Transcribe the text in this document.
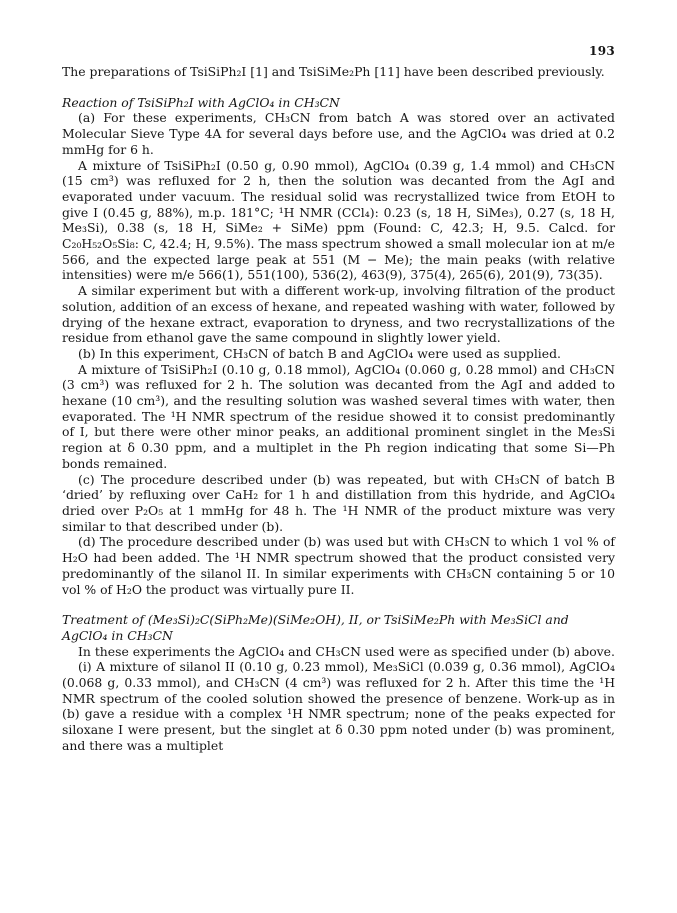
193

The preparations of TsiSiPh₂I [1] and TsiSiMe₂Ph [11] have been described previously.

Reaction of TsiSiPh₂I with AgClO₄ in CH₃CN

(a) For these experiments, CH₃CN from batch A was stored over an activated Molecular Sieve Type 4A for several days before use, and the AgClO₄ was dried at 0.2 mmHg for 6 h.

A mixture of TsiSiPh₂I (0.50 g, 0.90 mmol), AgClO₄ (0.39 g, 1.4 mmol) and CH₃CN (15 cm³) was refluxed for 2 h, then the solution was decanted from the AgI and evaporated under vacuum. The residual solid was recrystallized twice from EtOH to give I (0.45 g, 88%), m.p. 181°C; ¹H NMR (CCl₄): 0.23 (s, 18 H, SiMe₃), 0.27 (s, 18 H, Me₃Si), 0.38 (s, 18 H, SiMe₂ + SiMe) ppm (Found: C, 42.3; H, 9.5. Calcd. for C₂₀H₅₂O₅Si₈: C, 42.4; H, 9.5%). The mass spectrum showed a small molecular ion at m/e 566, and the expected large peak at 551 (M − Me); the main peaks (with relative intensities) were m/e 566(1), 551(100), 536(2), 463(9), 375(4), 265(6), 201(9), 73(35).

A similar experiment but with a different work-up, involving filtration of the product solution, addition of an excess of hexane, and repeated washing with water, followed by drying of the hexane extract, evaporation to dryness, and two recrystallizations of the residue from ethanol gave the same compound in slightly lower yield.

(b) In this experiment, CH₃CN of batch B and AgClO₄ were used as supplied.

A mixture of TsiSiPh₂I (0.10 g, 0.18 mmol), AgClO₄ (0.060 g, 0.28 mmol) and CH₃CN (3 cm³) was refluxed for 2 h. The solution was decanted from the AgI and added to hexane (10 cm³), and the resulting solution was washed several times with water, then evaporated. The ¹H NMR spectrum of the residue showed it to consist predominantly of I, but there were other minor peaks, an additional prominent singlet in the Me₃Si region at δ 0.30 ppm, and a multiplet in the Ph region indicating that some Si—Ph bonds remained.

(c) The procedure described under (b) was repeated, but with CH₃CN of batch B ‘dried’ by refluxing over CaH₂ for 1 h and distillation from this hydride, and AgClO₄ dried over P₂O₅ at 1 mmHg for 48 h. The ¹H NMR of the product mixture was very similar to that described under (b).

(d) The procedure described under (b) was used but with CH₃CN to which 1 vol % of H₂O had been added. The ¹H NMR spectrum showed that the product consisted very predominantly of the silanol II. In similar experiments with CH₃CN containing 5 or 10 vol % of H₂O the product was virtually pure II.

Treatment of (Me₃Si)₂C(SiPh₂Me)(SiMe₂OH), II, or TsiSiMe₂Ph with Me₃SiCl and AgClO₄ in CH₃CN

In these experiments the AgClO₄ and CH₃CN used were as specified under (b) above.

(i) A mixture of silanol II (0.10 g, 0.23 mmol), Me₃SiCl (0.039 g, 0.36 mmol), AgClO₄ (0.068 g, 0.33 mmol), and CH₃CN (4 cm³) was refluxed for 2 h. After this time the ¹H NMR spectrum of the cooled solution showed the presence of benzene. Work-up as in (b) gave a residue with a complex ¹H NMR spectrum; none of the peaks expected for siloxane I were present, but the singlet at δ 0.30 ppm noted under (b) was prominent, and there was a multiplet
